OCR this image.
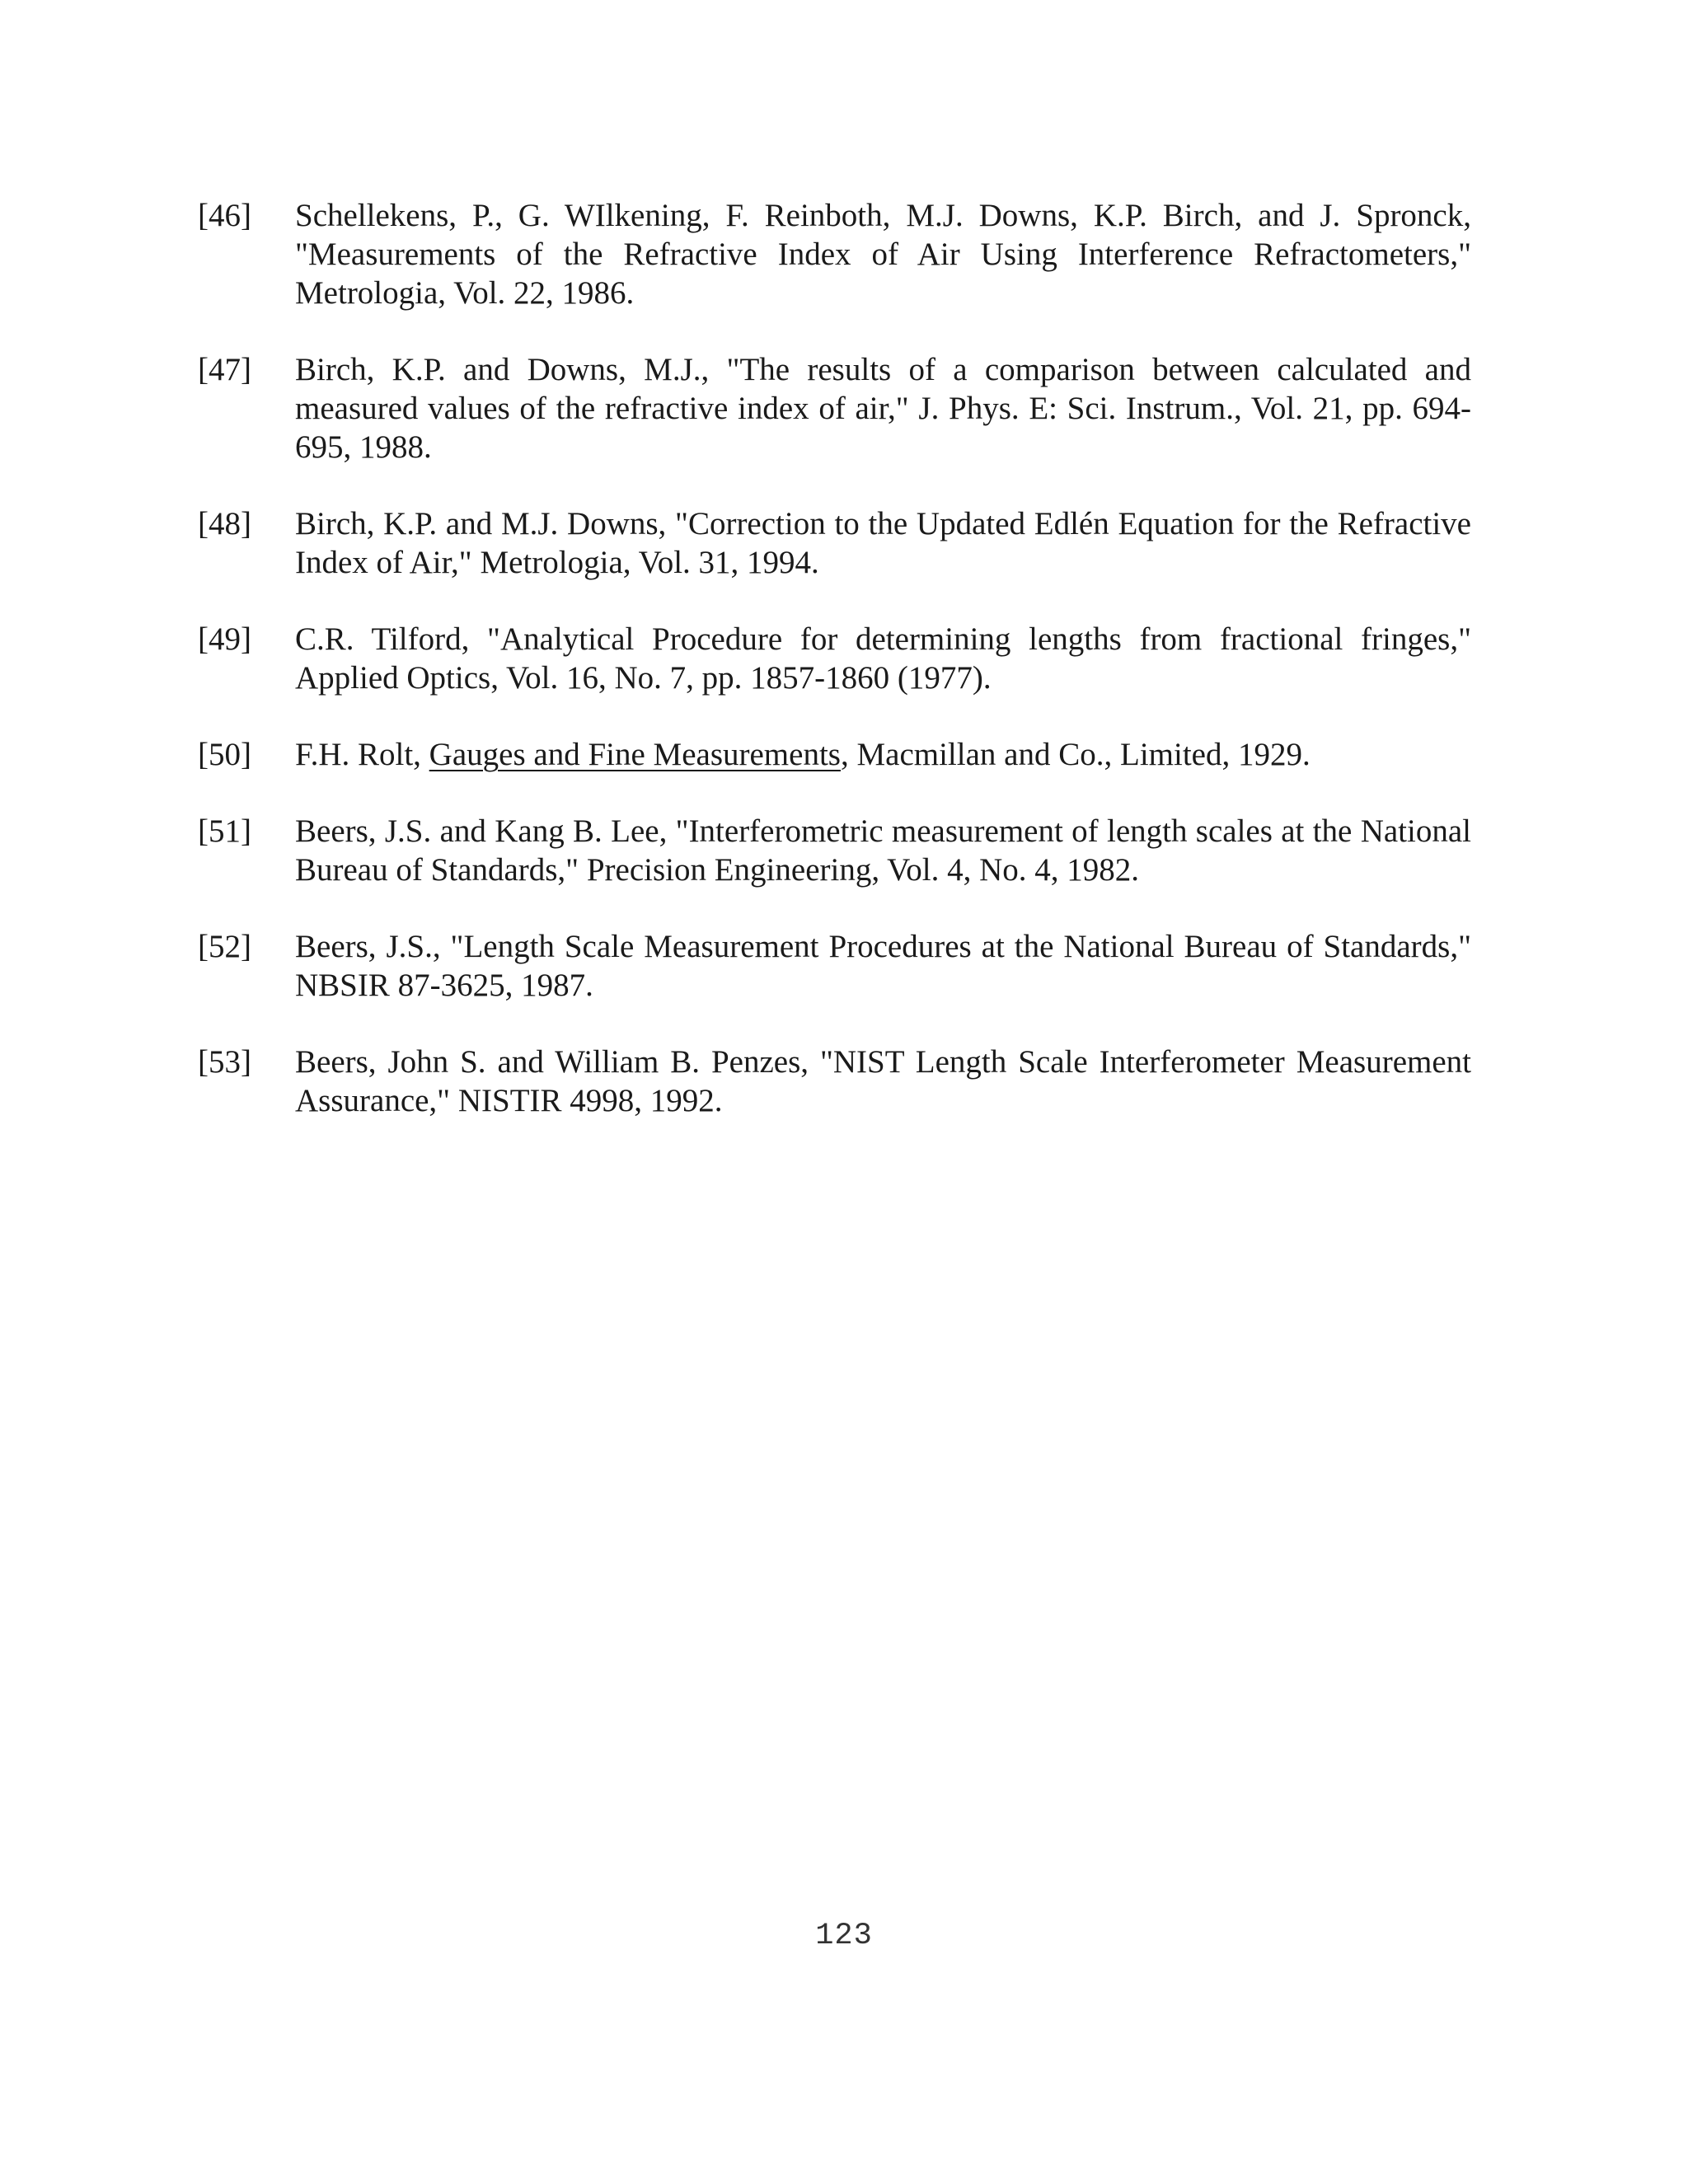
[46] Schellekens, P., G. WIlkening, F. Reinboth, M.J. Downs, K.P. Birch, and J. Spronck, "Measurements of the Refractive Index of Air Using Interference Refractometers," Metrologia, Vol. 22, 1986.
[47] Birch, K.P. and Downs, M.J., "The results of a comparison between calculated and measured values of the refractive index of air," J. Phys. E: Sci. Instrum., Vol. 21, pp. 694-695, 1988.
[48] Birch, K.P. and M.J. Downs, "Correction to the Updated Edlén Equation for the Refractive Index of Air," Metrologia, Vol. 31, 1994.
[49] C.R. Tilford, "Analytical Procedure for determining lengths from fractional fringes," Applied Optics, Vol. 16, No. 7, pp. 1857-1860 (1977).
[50] F.H. Rolt, Gauges and Fine Measurements, Macmillan and Co., Limited, 1929.
[51] Beers, J.S. and Kang B. Lee, "Interferometric measurement of length scales at the National Bureau of Standards," Precision Engineering, Vol. 4, No. 4, 1982.
[52] Beers, J.S., "Length Scale Measurement Procedures at the National Bureau of Standards," NBSIR 87-3625, 1987.
[53] Beers, John S. and William B. Penzes, "NIST Length Scale Interferometer Measurement Assurance," NISTIR 4998, 1992.
123
